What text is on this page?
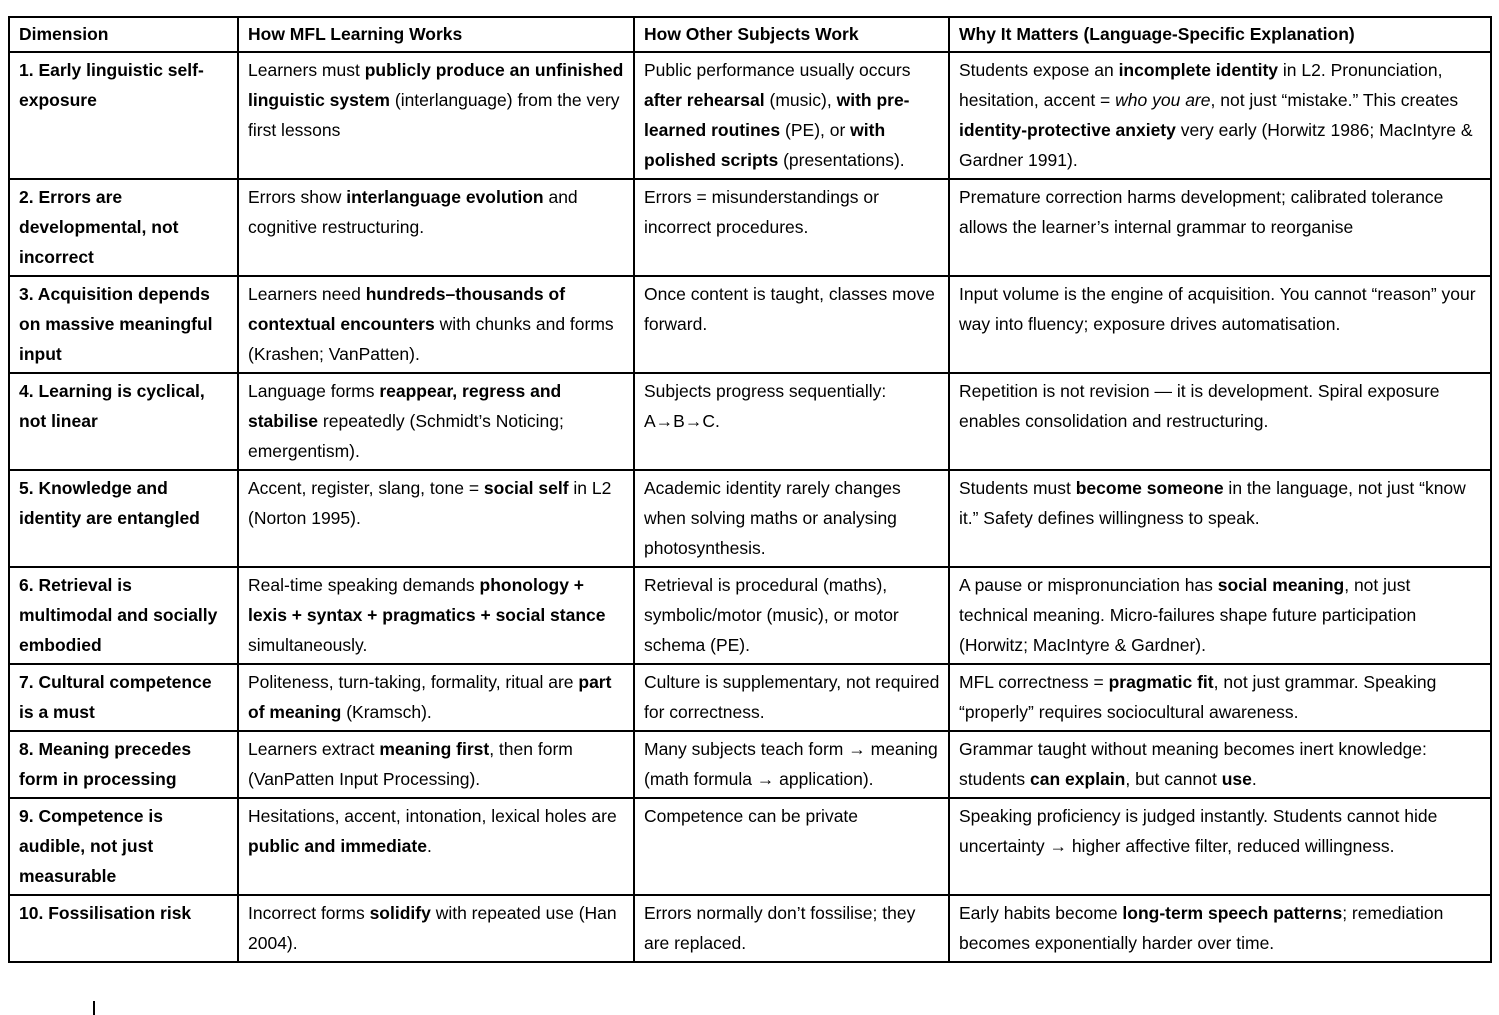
Dimension	How MFL Learning Works	How Other Subjects Work	Why It Matters (Language-Specific Explanation)
1. Early linguistic self-exposure	Learners must publicly produce an unfinished linguistic system (interlanguage) from the very first lessons	Public performance usually occurs after rehearsal (music), with pre-learned routines (PE), or with polished scripts (presentations).	Students expose an incomplete identity in L2. Pronunciation, hesitation, accent = who you are, not just “mistake.” This creates identity-protective anxiety very early (Horwitz 1986; MacIntyre & Gardner 1991).
2. Errors are developmental, not incorrect	Errors show interlanguage evolution and cognitive restructuring.	Errors = misunderstandings or incorrect procedures.	Premature correction harms development; calibrated tolerance allows the learner’s internal grammar to reorganise
3. Acquisition depends on massive meaningful input	Learners need hundreds–thousands of contextual encounters with chunks and forms (Krashen; VanPatten).	Once content is taught, classes move forward.	Input volume is the engine of acquisition. You cannot “reason” your way into fluency; exposure drives automatisation.
4. Learning is cyclical, not linear	Language forms reappear, regress and stabilise repeatedly (Schmidt’s Noticing; emergentism).	Subjects progress sequentially: A→B→C.	Repetition is not revision — it is development. Spiral exposure enables consolidation and restructuring.
5. Knowledge and identity are entangled	Accent, register, slang, tone = social self in L2 (Norton 1995).	Academic identity rarely changes when solving maths or analysing photosynthesis.	Students must become someone in the language, not just “know it.” Safety defines willingness to speak.
6. Retrieval is multimodal and socially embodied	Real-time speaking demands phonology + lexis + syntax + pragmatics + social stance simultaneously.	Retrieval is procedural (maths), symbolic/motor (music), or motor schema (PE).	A pause or mispronunciation has social meaning, not just technical meaning. Micro-failures shape future participation (Horwitz; MacIntyre & Gardner).
7. Cultural competence is a must	Politeness, turn-taking, formality, ritual are part of meaning (Kramsch).	Culture is supplementary, not required for correctness.	MFL correctness = pragmatic fit, not just grammar. Speaking “properly” requires sociocultural awareness.
8. Meaning precedes form in processing	Learners extract meaning first, then form (VanPatten Input Processing).	Many subjects teach form → meaning (math formula → application).	Grammar taught without meaning becomes inert knowledge: students can explain, but cannot use.
9. Competence is audible, not just measurable	Hesitations, accent, intonation, lexical holes are public and immediate.	Competence can be private	Speaking proficiency is judged instantly. Students cannot hide uncertainty → higher affective filter, reduced willingness.
10. Fossilisation risk	Incorrect forms solidify with repeated use (Han 2004).	Errors normally don’t fossilise; they are replaced.	Early habits become long-term speech patterns; remediation becomes exponentially harder over time.
